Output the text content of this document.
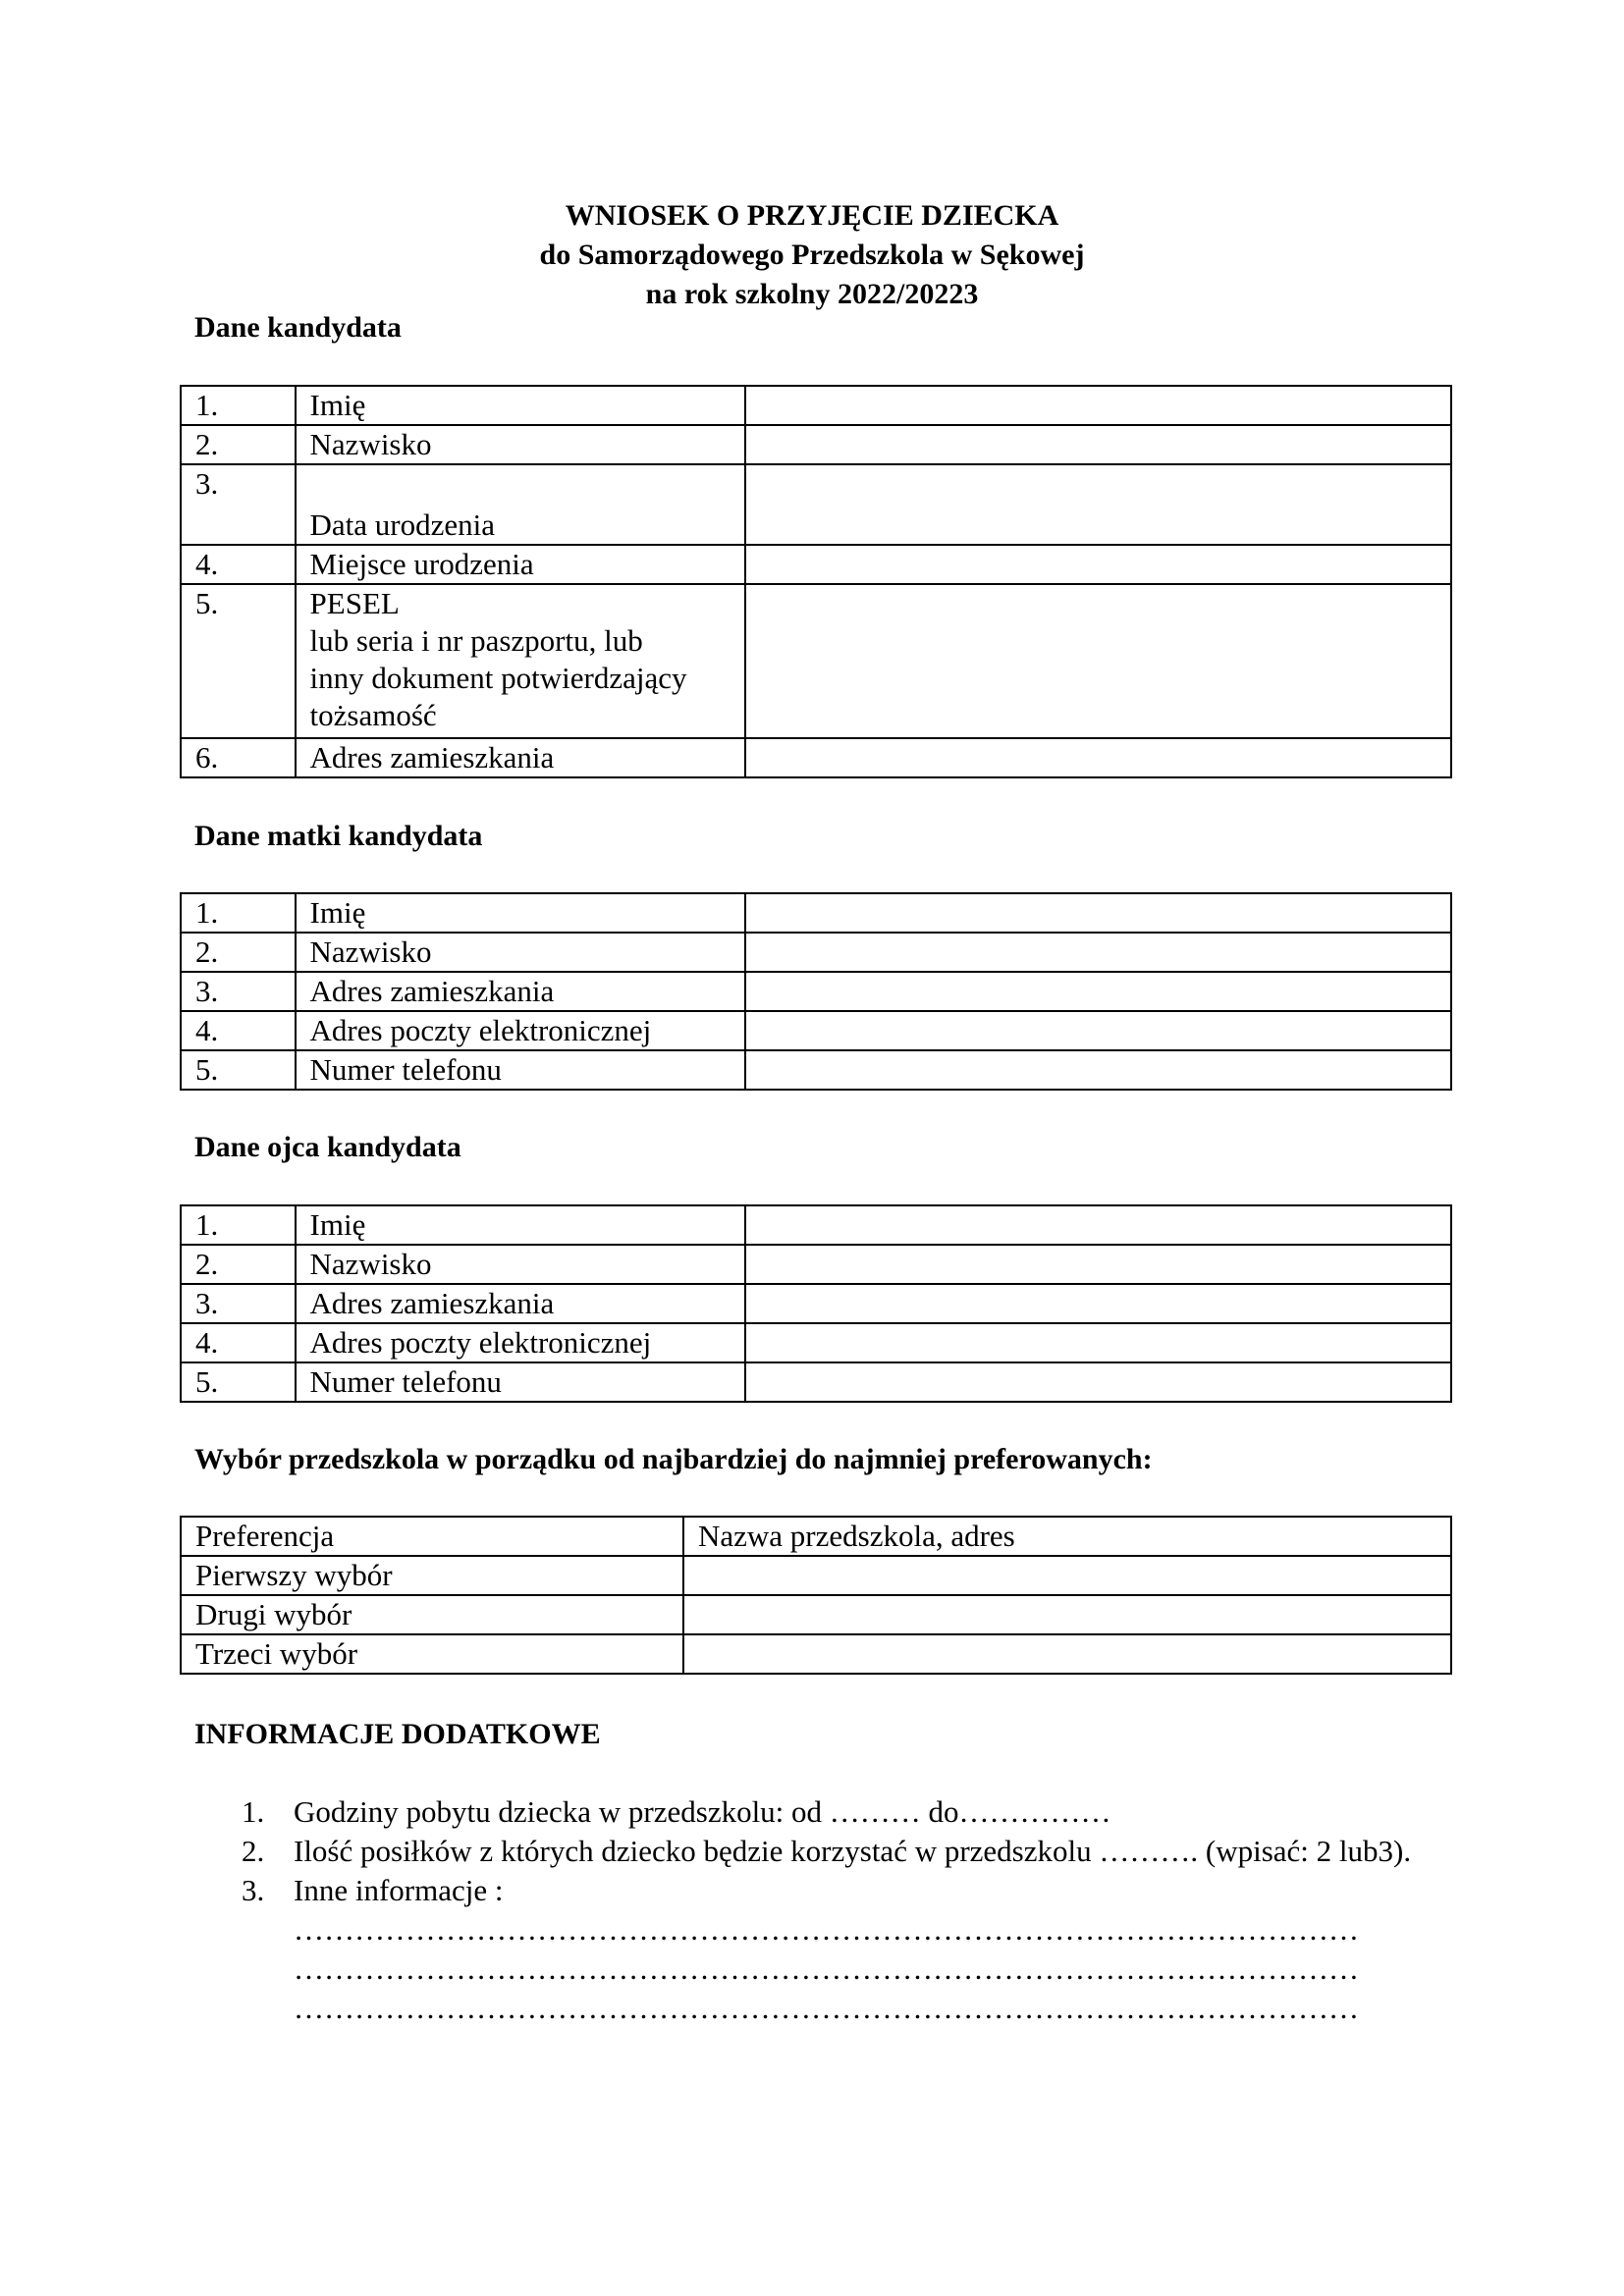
WNIOSEK O PRZYJĘCIE DZIECKA
do Samorządowego Przedszkola w Sękowej
na rok szkolny 2022/20223
Dane kandydata
1.	Imię	
2.	Nazwisko	
3.	Data urodzenia	
4.	Miejsce urodzenia	
5.	PESEL
lub seria i nr paszportu, lub
inny dokument potwierdzający
tożsamość	

6.	Adres zamieszkania	
Dane matki kandydata
1.	Imię	
2.	Nazwisko	
3.	Adres zamieszkania	
4.	Adres poczty elektronicznej	
5.	Numer telefonu	
Dane ojca kandydata
1.	Imię	
2.	Nazwisko	
3.	Adres zamieszkania	
4.	Adres poczty elektronicznej	
5.	Numer telefonu	
Wybór przedszkola w porządku od najbardziej do najmniej preferowanych:
Preferencja	Nazwa przedszkola, adres
Pierwszy wybór	
Drugi wybór	
Trzeci wybór	
INFORMACJE DODATKOWE
1. Godziny pobytu dziecka w przedszkolu: od ……… do……………
2. Ilość posiłków z których dziecko będzie korzystać w przedszkolu ………. (wpisać: 2 lub3).
3. Inne informacje :
……………………………………………………………………………………………
……………………………………………………………………………………………
……………………………………………………………………………………………
